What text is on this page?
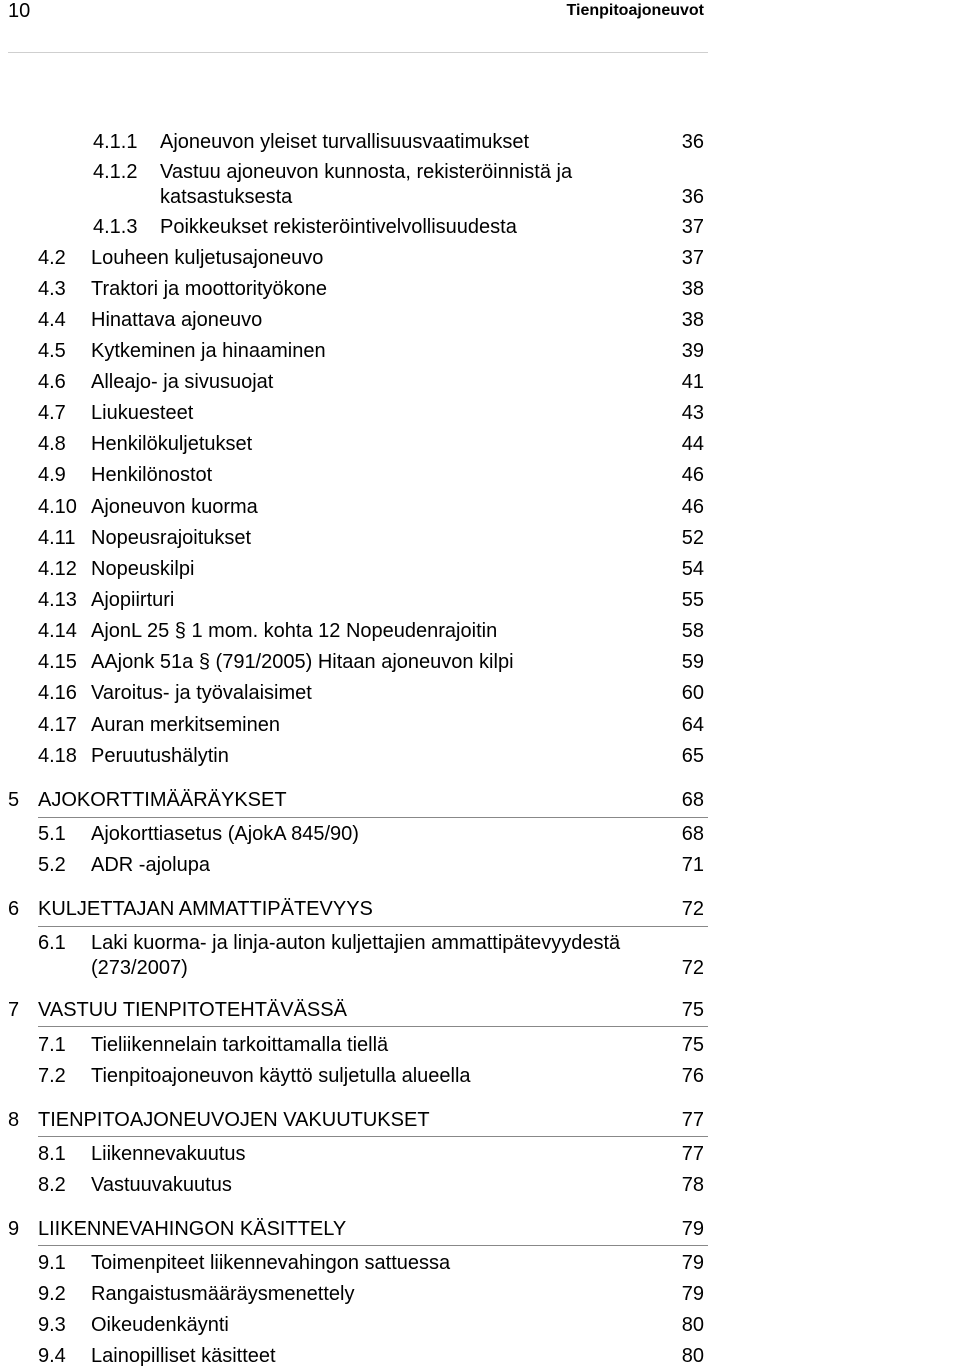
10	Tienpitoajoneuvot
4.1.1 Ajoneuvon yleiset turvallisuusvaatimukset	36
4.1.2 Vastuu ajoneuvon kunnosta, rekisteröinnistä ja
katsastuksesta	36
4.1.3 Poikkeukset rekisteröintivelvollisuudesta	37
4.2 Louheen kuljetusajoneuvo	37
4.3 Traktori ja moottorityökone	38
4.4 Hinattava ajoneuvo	38
4.5 Kytkeminen ja hinaaminen	39
4.6 Alleajo- ja sivusuojat	41
4.7 Liukuesteet	43
4.8 Henkilökuljetukset	44
4.9 Henkilönostot	46
4.10 Ajoneuvon kuorma	46
4.11 Nopeusrajoitukset	52
4.12 Nopeuskilpi	54
4.13 Ajopiirturi	55
4.14 AjonL 25 § 1 mom. kohta 12 Nopeudenrajoitin	58
4.15 AAjonk 51a § (791/2005) Hitaan ajoneuvon kilpi	59
4.16 Varoitus- ja työvalaisimet	60
4.17 Auran merkitseminen	64
4.18 Peruutushälytin	65
5 AJOKORTTIMÄÄRÄYKSET	68
5.1 Ajokorttiasetus (AjokA 845/90)	68
5.2 ADR -ajolupa	71
6 KULJETTAJAN AMMATTIPÄTEVYYS	72
6.1 Laki kuorma- ja linja-auton kuljettajien ammattipätevyydestä
(273/2007)	72
7 VASTUU TIENPITOTEHTÄVÄSSÄ	75
7.1 Tieliikennelain tarkoittamalla tiellä	75
7.2 Tienpitoajoneuvon käyttö suljetulla alueella	76
8 TIENPITOAJONEUVOJEN VAKUUTUKSET	77
8.1 Liikennevakuutus	77
8.2 Vastuuvakuutus	78
9 LIIKENNEVAHINGON KÄSITTELY	79
9.1 Toimenpiteet liikennevahingon sattuessa	79
9.2 Rangaistusmääräysmenettely	79
9.3 Oikeudenkäynti	80
9.4 Lainopilliset käsitteet	80
